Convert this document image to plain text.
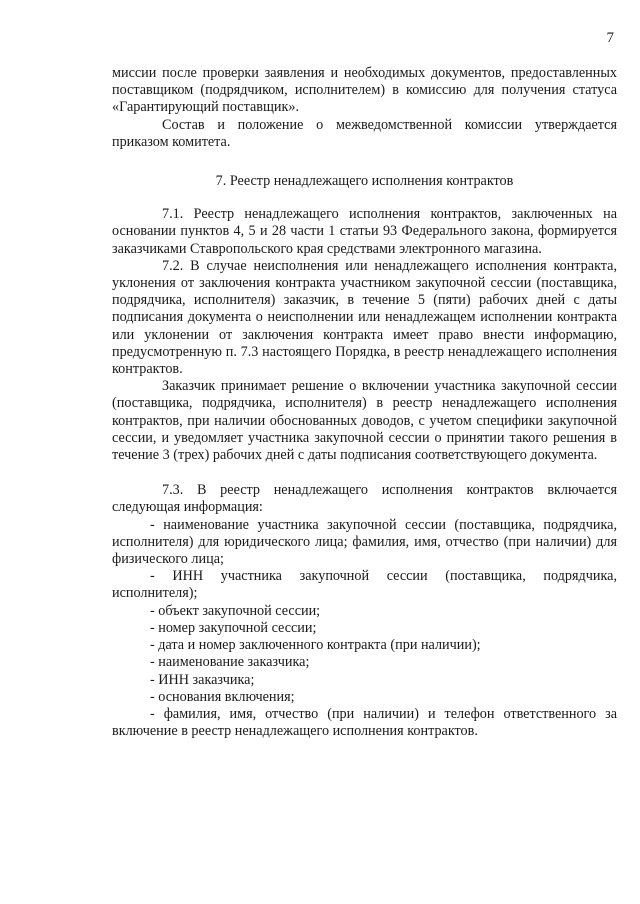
7

миссии после проверки заявления и необходимых документов, предоставленных поставщиком (подрядчиком, исполнителем) в комиссию для получения статуса «Гарантирующий поставщик».

Состав и положение о межведомственной комиссии утверждается приказом комитета.

7. Реестр ненадлежащего исполнения контрактов

7.1. Реестр ненадлежащего исполнения контрактов, заключенных на основании пунктов 4, 5 и 28 части 1 статьи 93 Федерального закона, формируется заказчиками Ставропольского края средствами электронного магазина.

7.2. В случае неисполнения или ненадлежащего исполнения контракта, уклонения от заключения контракта участником закупочной сессии (поставщика, подрядчика, исполнителя) заказчик, в течение 5 (пяти) рабочих дней с даты подписания документа о неисполнении или ненадлежащем исполнении контракта или уклонении от заключения контракта имеет право внести информацию, предусмотренную п. 7.3 настоящего Порядка, в реестр ненадлежащего исполнения контрактов.

Заказчик принимает решение о включении участника закупочной сессии (поставщика, подрядчика, исполнителя) в реестр ненадлежащего исполнения контрактов, при наличии обоснованных доводов, с учетом специфики закупочной сессии, и уведомляет участника закупочной сессии о принятии такого решения в течение 3 (трех) рабочих дней с даты подписания соответствующего документа.

7.3. В реестр ненадлежащего исполнения контрактов включается следующая информация:

- наименование участника закупочной сессии (поставщика, подрядчика, исполнителя) для юридического лица; фамилия, имя, отчество (при наличии) для физического лица;

- ИНН участника закупочной сессии (поставщика, подрядчика, исполнителя);

- объект закупочной сессии;

- номер закупочной сессии;

- дата и номер заключенного контракта (при наличии);

- наименование заказчика;

- ИНН заказчика;

- основания включения;

- фамилия, имя, отчество (при наличии) и телефон ответственного за включение в реестр ненадлежащего исполнения контрактов.
